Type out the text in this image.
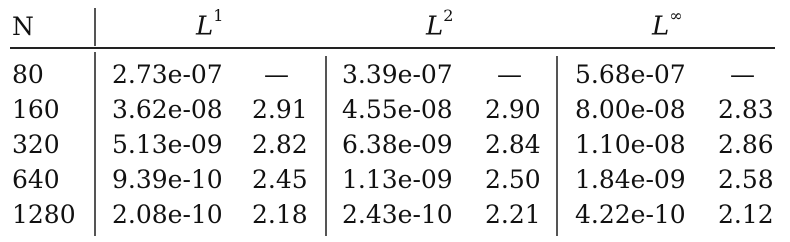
N	$L^1$	$L^2$	L∞
80	2.73e-07 — 3.39e-07 — 5.68e-07 —
160 3.62e-08 2.91 4.55e-08 2.90 8.00e-08 2.83
320 5.13e-09 2.82 6.38e-09 2.84 1.10e-08 2.86
640 9.39e-10 2.45 1.13e-09 2.50 1.84e-09 2.58
1280 2.08e-10 2.18 2.43e-10 2.21 4.22e-10 2.12
